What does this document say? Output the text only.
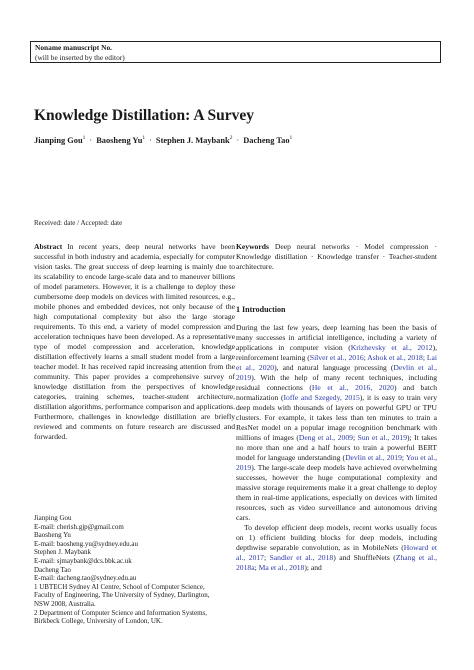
Noname manuscript No.
(will be inserted by the editor)
Knowledge Distillation: A Survey
Jianping Gou$^1$ · Baosheng $Yu^1$ · Stephen J. Maybank$^2$ · Dacheng Tao$^1$
Received: date / Accepted: date

Abstract In recent years, deep neural networks have been successful in both industry and academia, especially for computer vision tasks. The great success of deep learning is mainly due to its scalability to encode large-scale data and to maneuver billions of model parameters. However, it is a challenge to deploy these cumbersome deep models on devices with limited resources, e.g., mobile phones and embedded devices, not only because of the high computational complexity but also the large storage requirements. To this end, a variety of model compression and acceleration techniques have been developed. As a representative type of model compression and acceleration, knowledge distillation effectively learns a small student model from a large teacher model. It has received rapid increasing attention from the community. This paper provides a comprehensive survey of knowledge distillation from the perspectives of knowledge categories, training schemes, teacher-student architecture, distillation algorithms, performance comparison and applications. Furthermore, challenges in knowledge distillation are briefly reviewed and comments on future research are discussed and forwarded.

Keywords Deep neural networks · Model compression · Knowledge distillation · Knowledge transfer · Teacher-student architecture.

1 Introduction

During the last few years, deep learning has been the basis of many successes in artificial intelligence, including a variety of applications in computer vision (Krizhevsky et al., 2012), reinforcement learning (Silver et al., 2016; Ashok et al., 2018; Lai et al., 2020), and natural language processing (Devlin et al., 2019). With the help of many recent techniques, including residual connections (He et al., 2016, 2020) and batch normalization (Ioffe and Szegedy, 2015), it is easy to train very deep models with thousands of layers on powerful GPU or TPU clusters. For example, it takes less than ten minutes to train a ResNet model on a popular image recognition benchmark with millions of images (Deng et al., 2009; Sun et al., 2019); It takes no more than one and a half hours to train a powerful BERT model for language understanding (Devlin et al., 2019; You et al., 2019). The large-scale deep models have achieved overwhelming successes, however the huge computational complexity and massive storage requirements make it a great challenge to deploy them in real-time applications, especially on devices with limited resources, such as video surveillance and autonomous driving cars.

To develop efficient deep models, recent works usually focus on 1) efficient building blocks for deep models, including depthwise separable convolution, as in MobileNets (Howard et al., 2017; Sandler et al., 2018) and ShuffleNets (Zhang et al., 2018a; Ma et al., 2018); and

Jianping Gou
E-mail: cherish.gjp@gmail.com
Baosheng Yu
E-mail: baosheng.yu@sydney.edu.au
Stephen J. Maybank
E-mail: sjmaybank@dcs.bbk.ac.uk
Dacheng Tao
E-mail: dacheng.tao@sydney.edu.au
1 UBTECH Sydney AI Centre, School of Computer Science,
Faculty of Engineering, The University of Sydney, Darlington,
NSW 2008, Australia.
2 Department of Computer Science and Information Systems,
Birkbeck College, University of London, UK.
